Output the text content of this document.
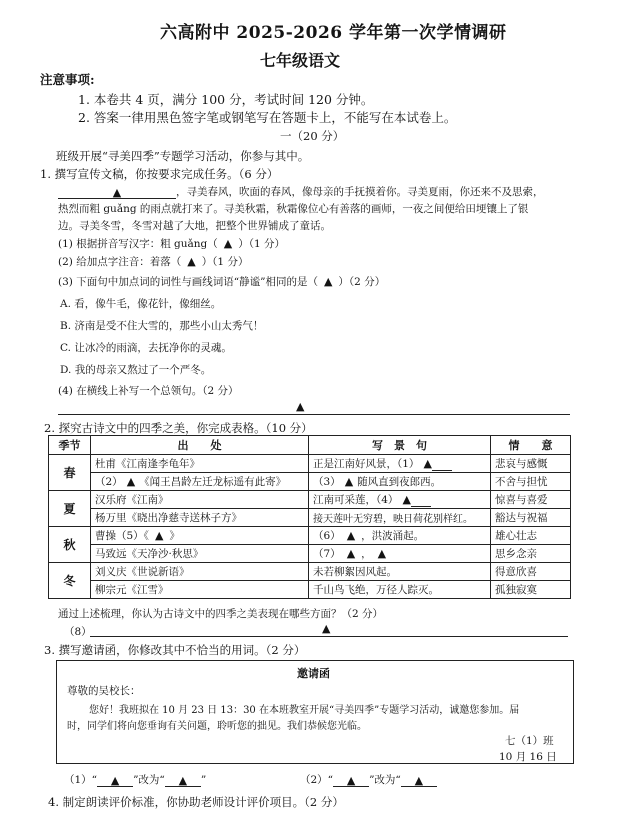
六高附中 2025-2026 学年第一次学情调研
七年级语文
注意事项:
1. 本卷共 4 页，满分 100 分，考试时间 120 分钟。
2. 答案一律用黑色签字笔或钢笔写在答题卡上，不能写在本试卷上。
一（20 分）
班级开展“寻美四季”专题学习活动，你参与其中。
1. 撰写宣传文稿，你按要求完成任务。（6 分）
▲	，寻美春风，吹面的春风，像母亲的手抚摸着你。寻美夏雨，你还来不及思索，
热烈而粗 guǎng 的雨点就打来了。寻美秋霜，秋霜像位心有善落的画师，一夜之间便给田埂镶上了银
边。寻美冬雪，冬雪对越了大地，把整个世界铺成了童话。
(1) 根据拼音写汉字：粗 guǎng（ ▲ ）（1 分）
(2) 给加点字注音：着落（ ▲ ）（1 分）
(3) 下面句中加点词的词性与画线词语“静谧”相同的是（ ▲ ）（2 分）
A. 看，像牛毛，像花针，像细丝。
B. 济南是受不住大雪的，那些小山太秀气！
C. 让冰冷的雨滴，去抚净你的灵魂。
D. 我的母亲又熬过了一个严冬。
(4) 在横线上补写一个总领句。（2 分）
▲
2. 探究古诗文中的四季之美，你完成表格。（10 分）
季节	出　　处	写　景　句	情　　意
春	杜甫《江南逢李龟年》	正是江南好风景，（1） ▲	悲哀与感慨
	（2） ▲ 《闻王昌龄左迁龙标遥有此寄》	（3） ▲ 随风直到夜郎西。	不舍与担忧
夏	汉乐府《江南》	江南可采莲，（4） ▲	惊喜与喜爱
	杨万里《晓出净慈寺送林子方》	接天莲叶无穷碧，映日荷花别样红。	豁达与祝福
秋	曹操（5）《 ▲ 》	（6） ▲ ，洪波涌起。	雄心壮志
	马致远《天净沙·秋思》	（7） ▲ ， ▲	思乡念亲
冬	刘义庆《世说新语》	未若柳絮因风起。	得意欣喜
	柳宗元《江雪》	千山鸟飞绝，万径人踪灭。	孤独寂寞
通过上述梳理，你认为古诗文中的四季之美表现在哪些方面？（2 分）
（8）	▲
3. 撰写邀请函，你修改其中不恰当的用词。（2 分）
邀请函
尊敬的吴校长：
您好！我班拟在 10 月 23 日 13：30 在本班教室开展“寻美四季”专题学习活动，诚邀您参加。届
时，同学们将向您垂询有关问题，聆听您的拙见。我们恭候您光临。
七（1）班
10 月 16 日
（1）“ ▲ ”改为“ ▲ ”	（2）“ ▲ ”改为“ ▲
4. 制定朗读评价标准，你协助老师设计评价项目。（2 分）
